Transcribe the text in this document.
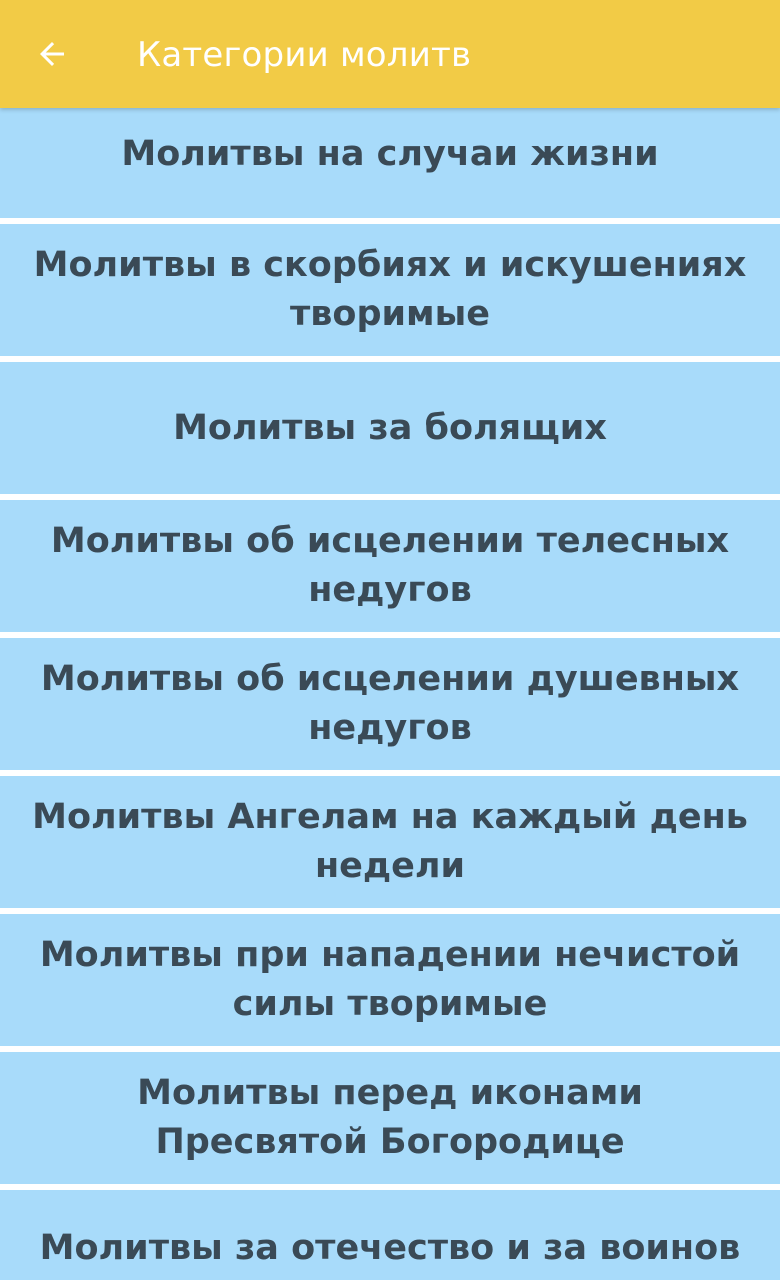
Категории молитв
Молитвы на случаи жизни
Молитвы в скорбиях и искушениях творимые
Молитвы за болящих
Молитвы об исцелении телесных недугов
Молитвы об исцелении душевных недугов
Молитвы Ангелам на каждый день недели
Молитвы при нападении нечистой силы творимые
Молитвы перед иконами Пресвятой Богородице
Молитвы за отечество и за воинов
